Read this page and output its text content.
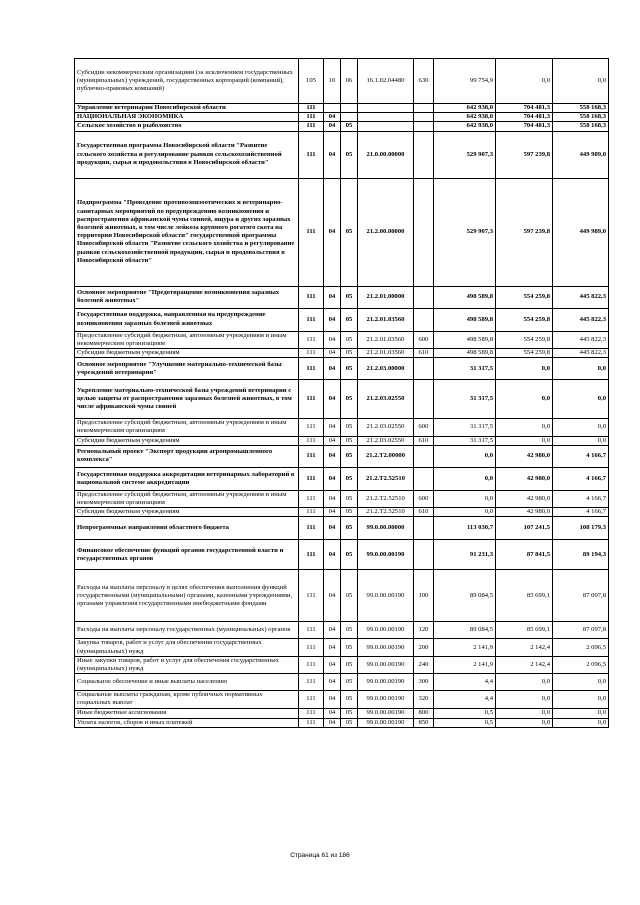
Субсидии некоммерческим организациям (за исключением государственных (муниципальных) учреждений, государственных корпораций (компаний), публично-правовых компаний)	105	10	06	16.1.02.04480	630	99 754,9	0,0	0,0
Управление ветеринарии Новосибирской области	111					642 938,0	704 481,3	558 168,3
НАЦИОНАЛЬНАЯ ЭКОНОМИКА	111	04				642 938,0	704 481,3	558 168,3
Сельское хозяйство и рыболовство	111	04	05			642 938,0	704 481,3	558 168,3
Государственная программа Новосибирской области "Развитие сельского хозяйства и регулирование рынков сельскохозяйственной продукции, сырья и продовольствия в Новосибирской области"	111	04	05	21.0.00.00000		529 907,3	597 239,8	449 989,0
Подпрограмма "Проведение противоэпизоотических и ветеринарно-санитарных мероприятий по предупреждению возникновения и распространения африканской чумы свиней, ящура и других заразных болезней животных, в том числе лейкоза крупного рогатого скота на территории Новосибирской области" государственной программы Новосибирской области "Развитие сельского хозяйства и регулирование рынков сельскохозяйственной продукции, сырья и продовольствия в Новосибирской области"	111	04	05	21.2.00.00000		529 907,3	597 239,8	449 989,0
Основное мероприятие "Предотвращение возникновения заразных болезней животных"	111	04	05	21.2.01.00000		498 589,8	554 259,8	445 822,3
Государственная поддержка, направленная на предупреждение возникновения заразных болезней животных	111	04	05	21.2.01.03560		498 589,8	554 259,8	445 822,3
Предоставление субсидий бюджетным, автономным учреждениям и иным некоммерческим организациям	111	04	05	21.2.01.03560	600	498 589,8	554 259,8	445 822,3
Субсидии бюджетным учреждениям	111	04	05	21.2.01.03560	610	498 589,8	554 259,8	445 822,3
Основное мероприятие "Улучшение материально-технической базы учреждений ветеринарии"	111	04	05	21.2.03.00000		31 317,5	0,0	0,0
Укрепление материально-технической базы учреждений ветеринарии с целью защиты от распространения заразных болезней животных, в том числе африканской чумы свиней	111	04	05	21.2.03.02550		31 317,5	0,0	0,0
Предоставление субсидий бюджетным, автономным учреждениям и иным некоммерческим организациям	111	04	05	21.2.03.02550	600	31 317,5	0,0	0,0
Субсидии бюджетным учреждениям	111	04	05	21.2.03.02550	610	31 317,5	0,0	0,0
Региональный проект "Экспорт продукции агропромышленного комплекса"	111	04	05	21.2.T2.00000		0,0	42 980,0	4 166,7
Государственная поддержка аккредитации ветеринарных лабораторий в национальной системе аккредитации	111	04	05	21.2.T2.52510		0,0	42 980,0	4 166,7
Предоставление субсидий бюджетным, автономным учреждениям и иным некоммерческим организациям	111	04	05	21.2.T2.52510	600	0,0	42 980,0	4 166,7
Субсидии бюджетным учреждениям	111	04	05	21.2.T2.52510	610	0,0	42 980,0	4 166,7
Непрограммные направления областного бюджета	111	04	05	99.0.00.00000		113 030,7	107 241,5	108 179,3
Финансовое обеспечение функций органов государственной власти и государственных органов	111	04	05	99.0.00.00190		91 231,3	87 841,5	89 194,3
Расходы на выплаты персоналу в целях обеспечения выполнения функций государственными (муниципальными) органами, казенными учреждениями, органами управления государственными внебюджетными фондами	111	04	05	99.0.00.00190	100	89 084,5	85 699,1	87 097,8
Расходы на выплаты персоналу государственных (муниципальных) органов	111	04	05	99.0.00.00190	120	89 084,5	85 699,1	87 097,8
Закупка товаров, работ и услуг для обеспечения государственных (муниципальных) нужд	111	04	05	99.0.00.00190	200	2 141,9	2 142,4	2 096,5
Иные закупки товаров, работ и услуг для обеспечения государственных (муниципальных) нужд	111	04	05	99.0.00.00190	240	2 141,9	2 142,4	2 096,5
Социальное обеспечение и иные выплаты населению	111	04	05	99.0.00.00190	300	4,4	0,0	0,0
Социальные выплаты гражданам, кроме публичных нормативных социальных выплат	111	04	05	99.0.00.00190	320	4,4	0,0	0,0
Иные бюджетные ассигнования	111	04	05	99.0.00.00190	800	0,5	0,0	0,0
Уплата налогов, сборов и иных платежей	111	04	05	99.0.00.00190	850	0,5	0,0	0,0
Страница 61 из 186
